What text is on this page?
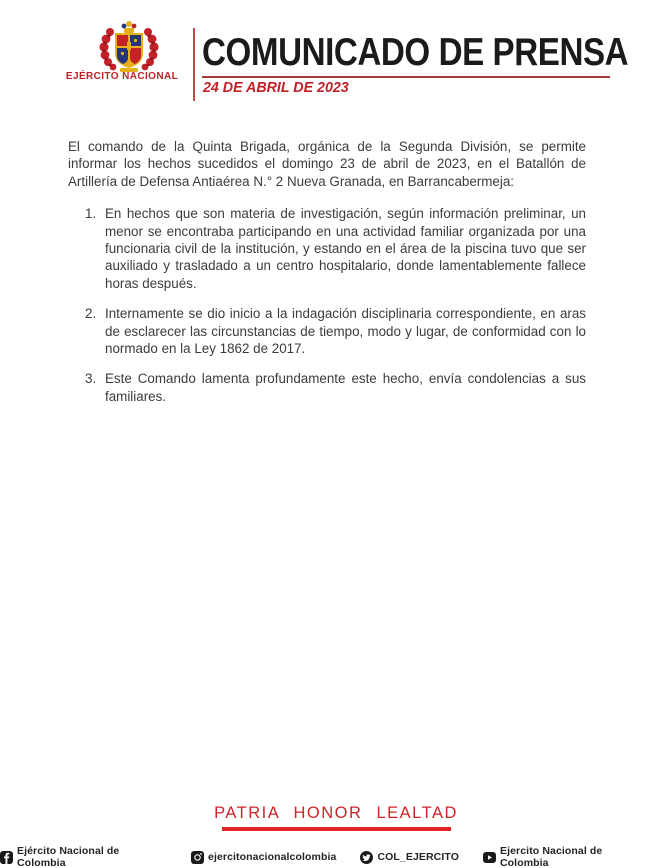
EJÉRCITO NACIONAL
COMUNICADO DE PRENSA
24 DE ABRIL DE 2023

El comando de la Quinta Brigada, orgánica de la Segunda División, se permite informar los hechos sucedidos el domingo 23 de abril de 2023, en el Batallón de Artillería de Defensa Antiaérea N.° 2 Nueva Granada, en Barrancabermeja:

1. En hechos que son materia de investigación, según información preliminar, un menor se encontraba participando en una actividad familiar organizada por una funcionaria civil de la institución, y estando en el área de la piscina tuvo que ser auxiliado y trasladado a un centro hospitalario, donde lamentablemente fallece horas después.
2. Internamente se dio inicio a la indagación disciplinaria correspondiente, en aras de esclarecer las circunstancias de tiempo, modo y lugar, de conformidad con lo normado en la Ley 1862 de 2017.
3. Este Comando lamenta profundamente este hecho, envía condolencias a sus familiares.
PATRIA HONOR LEALTAD
Ejército Nacional de Colombia	ejercitonacionalcolombia	COL_EJERCITO	Ejercito Nacional de Colombia
